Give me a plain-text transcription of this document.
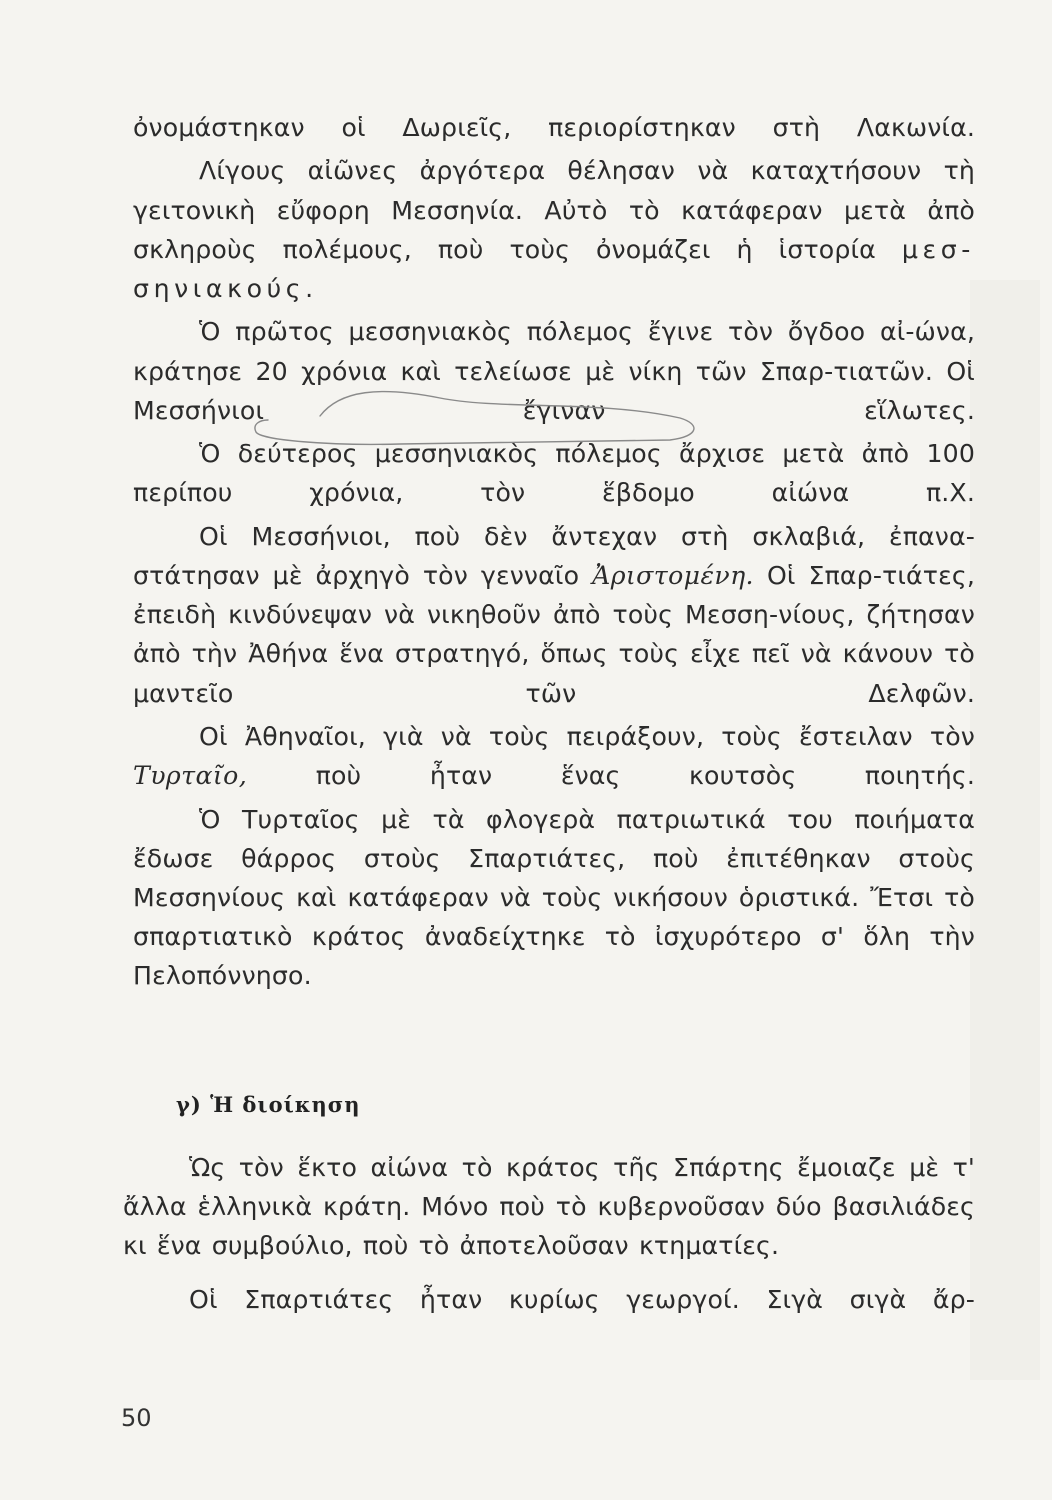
ὀνομάστηκαν οἱ Δωριεῖς, περιορίστηκαν στὴ Λακωνία.

Λίγους αἰῶνες ἀργότερα θέλησαν νὰ καταχτήσουν τὴ γειτονικὴ εὔφορη Μεσσηνία. Αὐτὸ τὸ κατάφεραν μετὰ ἀπὸ σκληροὺς πολέμους, ποὺ τοὺς ὀνομάζει ἡ ἱστορία μεσ- σηνιακούς.

Ὁ πρῶτος μεσσηνιακὸς πόλεμος ἔγινε τὸν ὄγδοο αἰ- ώνα, κράτησε 20 χρόνια καὶ τελείωσε μὲ νίκη τῶν Σπαρ- τιατῶν. Οἱ Μεσσήνιοι ἔγιναν εἵλωτες.

Ὁ δεύτερος μεσσηνιακὸς πόλεμος ἄρχισε μετὰ ἀπὸ 100 περίπου χρόνια, τὸν ἕβδομο αἰώνα π.Χ.

Οἱ Μεσσήνιοι, ποὺ δὲν ἄντεχαν στὴ σκλαβιά, ἐπανα- στάτησαν μὲ ἀρχηγὸ τὸν γενναῖο Ἀριστομένη. Οἱ Σπαρ- τιάτες, ἐπειδὴ κινδύνεψαν νὰ νικηθοῦν ἀπὸ τοὺς Μεσση- νίους, ζήτησαν ἀπὸ τὴν Ἀθήνα ἕνα στρατηγό, ὅπως τοὺς εἶχε πεῖ νὰ κάνουν τὸ μαντεῖο τῶν Δελφῶν.

Οἱ Ἀθηναῖοι, γιὰ νὰ τοὺς πειράξουν, τοὺς ἔστειλαν τὸν Τυρταῖο,	ποὺ ἦταν ἕνας κουτσὸς ποιητής.

Ὁ Τυρταῖος μὲ τὰ φλογερὰ πατριωτικά του ποιήματα ἔδωσε θάρρος στοὺς Σπαρτιάτες, ποὺ ἐπιτέθηκαν στοὺς Μεσσηνίους καὶ κατάφεραν νὰ τοὺς νικήσουν ὁριστικά. Ἔτσι τὸ σπαρτιατικὸ κράτος ἀναδείχτηκε τὸ ἰσχυρότερο σ' ὅλη τὴν Πελοπόννησο.

γ) Ἡ διοίκηση

Ὡς τὸν ἕκτο αἰώνα τὸ κράτος τῆς Σπάρτης ἔμοιαζε μὲ τ' ἄλλα ἑλληνικὰ κράτη. Μόνο ποὺ τὸ κυβερνοῦσαν δύο βασιλιάδες κι ἕνα συμβούλιο, ποὺ τὸ ἀποτελοῦσαν κτηματίες.

Οἱ Σπαρτιάτες ἦταν κυρίως γεωργοί. Σιγὰ σιγὰ ἄρ-

50
